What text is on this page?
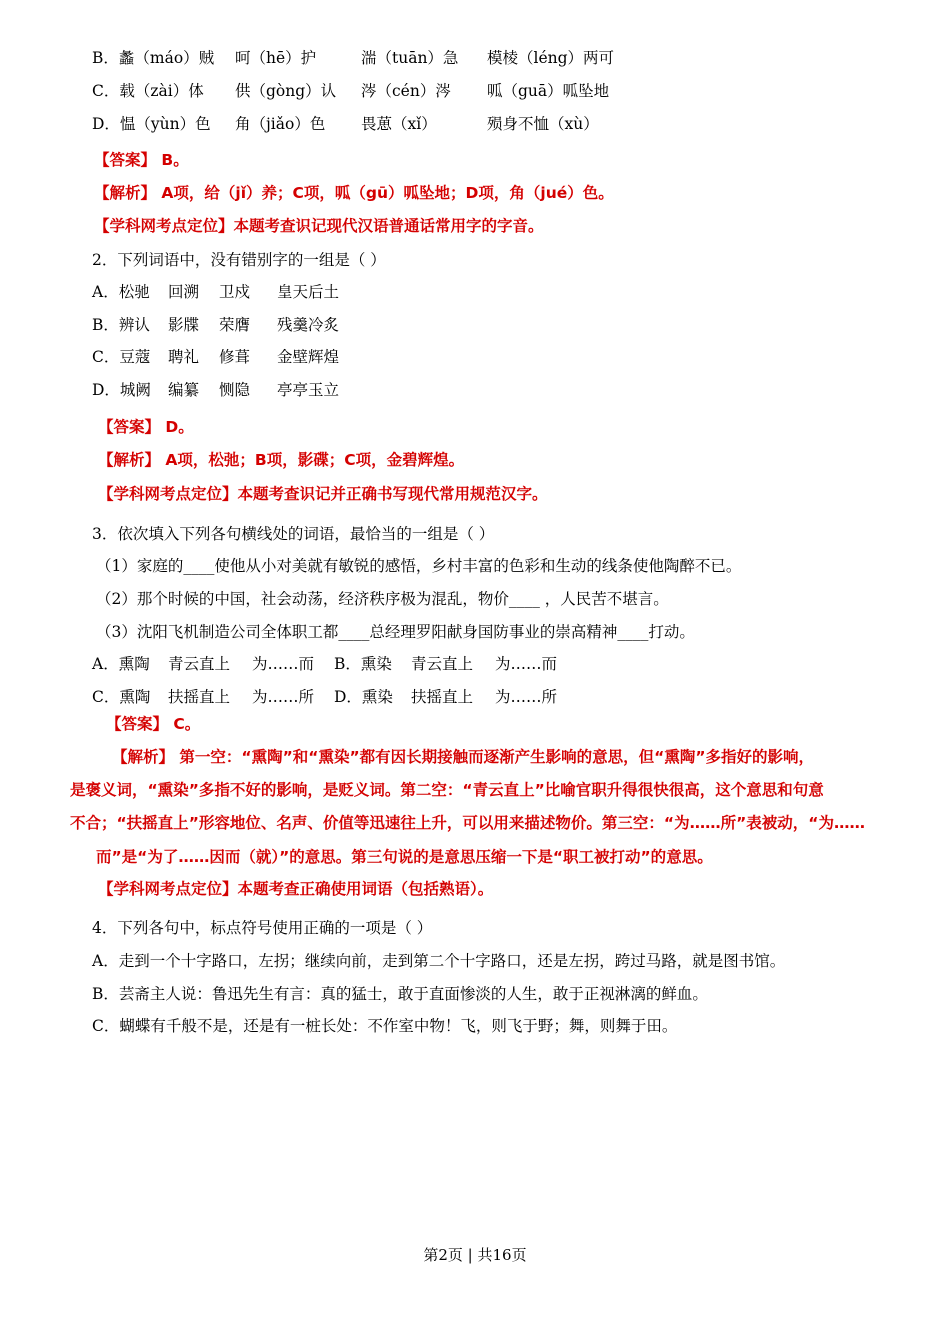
B．蠡（máo）贼 呵（hē）护	湍（tuān）急 模棱（léng）两可
C．载（zài）体 供（gòng）认 涔（cén）涔 呱（guā）呱坠地
D．愠（yùn）色 角（jiǎo）色 畏葸（xǐ）	殒身不恤（xù）
【答案】 B。
【解析】 A项，给（jǐ）养；C项，呱（gū）呱坠地；D项，角（jué）色。
【学科网考点定位】本题考查识记现代汉语普通话常用字的字音。
2．下列词语中，没有错别字的一组是（ ）
A．松驰 回溯 卫戍 皇天后土
B．辨认 影牒 荣膺 残羹冷炙
C．豆蔻 聘礼 修葺 金壁辉煌
D．城阙 编纂 恻隐 亭亭玉立
【答案】 D。
【解析】 A项，松弛；B项，影碟；C项，金碧辉煌。
【学科网考点定位】本题考查识记并正确书写现代常用规范汉字。
3．依次填入下列各句横线处的词语，最恰当的一组是（ ）
（1）家庭的____使他从小对美就有敏锐的感悟，乡村丰富的色彩和生动的线条使他陶醉不已。
（2）那个时候的中国，社会动荡，经济秩序极为混乱，物价____ ，人民苦不堪言。
（3）沈阳飞机制造公司全体职工都____总经理罗阳献身国防事业的崇高精神____打动。
A．熏陶 青云直上 为……而 B．熏染 青云直上 为……而
C．熏陶 扶摇直上 为……所 D．熏染 扶摇直上 为……所
【答案】 C。
【解析】 第一空：“熏陶”和“熏染”都有因长期接触而逐渐产生影响的意思，但“熏陶”多指好的影响，
是褒义词，“熏染”多指不好的影响，是贬义词。第二空：“青云直上”比喻官职升得很快很高，这个意思和句意
不合；“扶摇直上”形容地位、名声、价值等迅速往上升，可以用来描述物价。第三空：“为……所”表被动，“为……
而”是“为了……因而（就）”的意思。第三句说的是意思压缩一下是“职工被打动”的意思。
【学科网考点定位】本题考查正确使用词语（包括熟语）。
4．下列各句中，标点符号使用正确的一项是（ ）
A．走到一个十字路口，左拐；继续向前，走到第二个十字路口，还是左拐，跨过马路，就是图书馆。
B．芸斋主人说：鲁迅先生有言：真的猛士，敢于直面惨淡的人生，敢于正视淋漓的鲜血。
C．蝴蝶有千般不是，还是有一桩长处：不作室中物！飞，则飞于野；舞，则舞于田。
第2页 | 共16页
